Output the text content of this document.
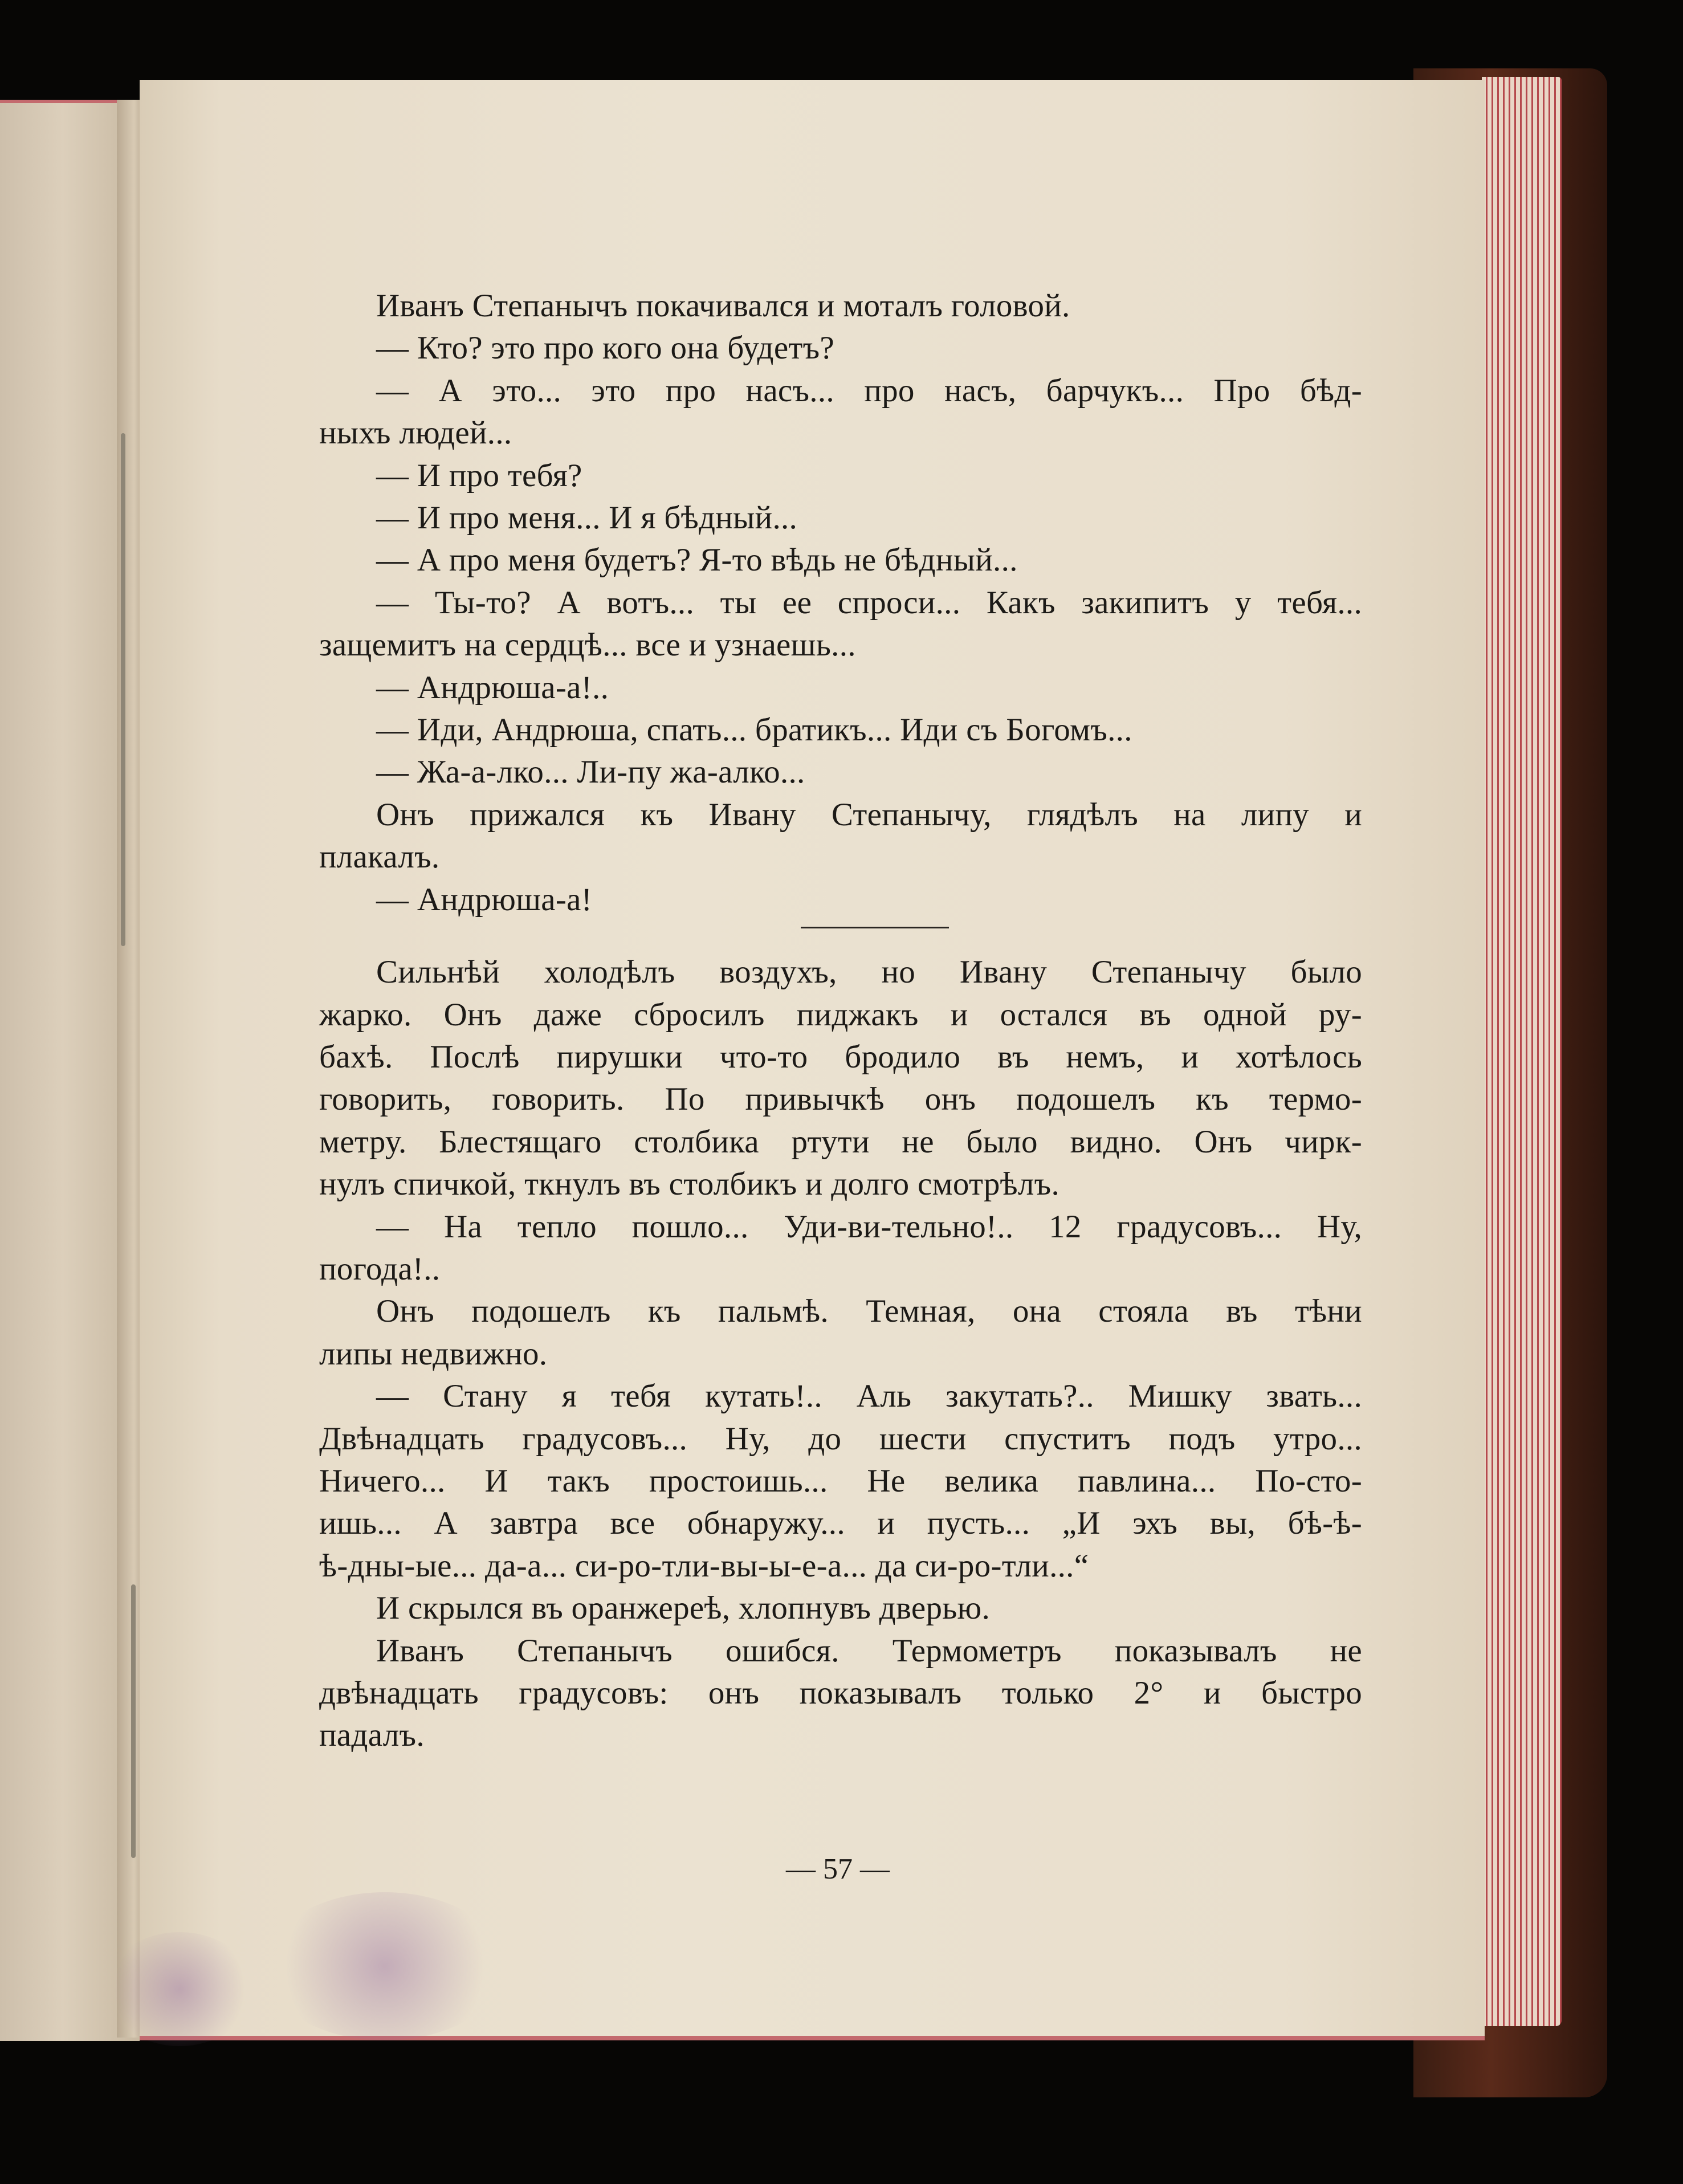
Иванъ Степанычъ покачивался и моталъ головой.
— Кто? это про кого она будетъ?
— А это... это про насъ... про насъ, барчукъ... Про бѣд-
ныхъ людей...
— И про тебя?
— И про меня... И я бѣдный...
— А про меня будетъ? Я-то вѣдь не бѣдный...
— Ты-то? А вотъ... ты ее спроси... Какъ закипитъ у тебя...
защемитъ на сердцѣ... все и узнаешь...
— Андрюша-а!..
— Иди, Андрюша, спать... братикъ... Иди съ Богомъ...
— Жа-а-лко... Ли-пу жа-алко...
Онъ прижался къ Ивану Степанычу, глядѣлъ на липу и
плакалъ.
— Андрюша-а!
Сильнѣй холодѣлъ воздухъ, но Ивану Степанычу было
жарко. Онъ даже сбросилъ пиджакъ и остался въ одной ру-
бахѣ. Послѣ пирушки что-то бродило въ немъ, и хотѣлось
говорить, говорить. По привычкѣ онъ подошелъ къ термо-
метру. Блестящаго столбика ртути не было видно. Онъ чирк-
нулъ спичкой, ткнулъ въ столбикъ и долго смотрѣлъ.
— На тепло пошло... Уди-ви-тельно!.. 12 градусовъ... Ну,
погода!..
Онъ подошелъ къ пальмѣ. Темная, она стояла въ тѣни
липы недвижно.
— Стану я тебя кутать!.. Аль закутать?.. Мишку звать...
Двѣнадцать градусовъ... Ну, до шести спуститъ подъ утро...
Ничего... И такъ простоишь... Не велика павлина... По-сто-
ишь... А завтра все обнаружу... и пусть... „И эхъ вы, бѣ-ѣ-
ѣ-дны-ые... да-а... си-ро-тли-вы-ы-е-а... да си-ро-тли...“
И скрылся въ оранжереѣ, хлопнувъ дверью.
Иванъ Степанычъ ошибся. Термометръ показывалъ не
двѣнадцать градусовъ: онъ показывалъ только 2° и быстро
падалъ.
— 57 —
